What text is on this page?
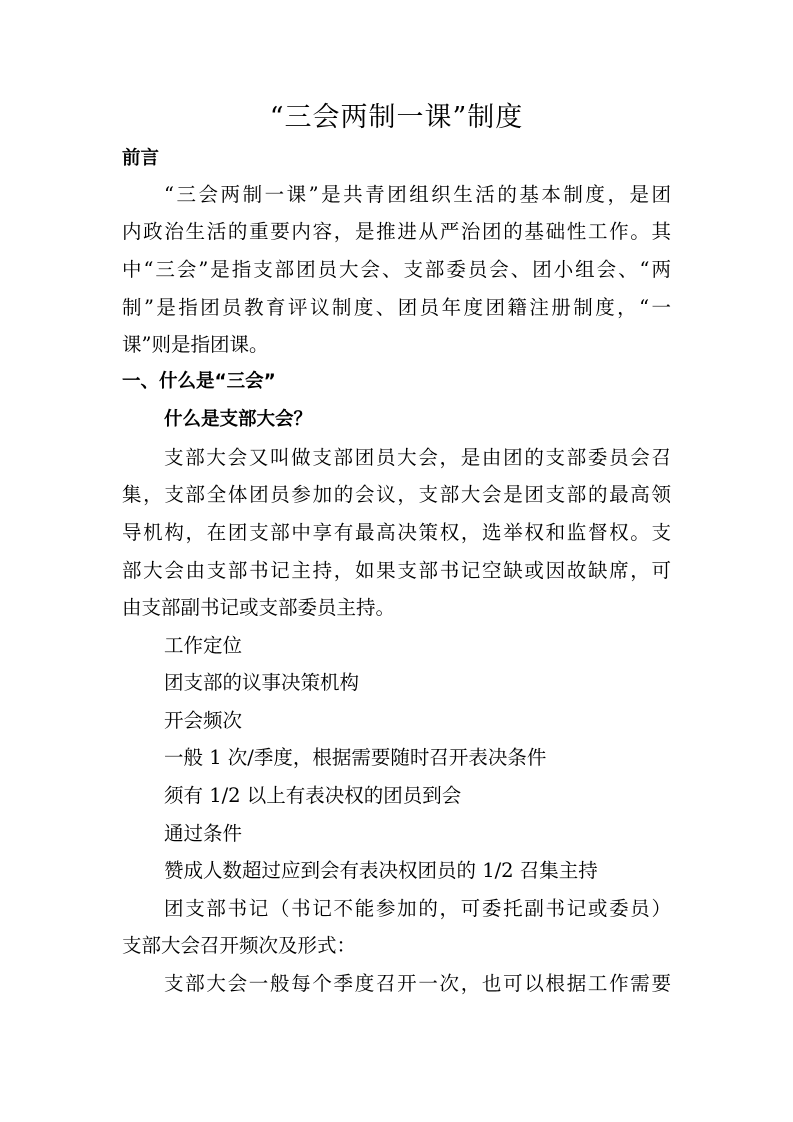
“三会两制一课”制度
前言
“三会两制一课”是共青团组织生活的基本制度，是团
内政治生活的重要内容，是推进从严治团的基础性工作。其
中“三会”是指支部团员大会、支部委员会、团小组会、“两
制”是指团员教育评议制度、团员年度团籍注册制度，“一
课”则是指团课。
一、什么是“三会”
什么是支部大会？
支部大会又叫做支部团员大会，是由团的支部委员会召
集，支部全体团员参加的会议，支部大会是团支部的最高领
导机构，在团支部中享有最高决策权，选举权和监督权。支
部大会由支部书记主持，如果支部书记空缺或因故缺席，可
由支部副书记或支部委员主持。
工作定位
团支部的议事决策机构
开会频次
一般 1 次/季度，根据需要随时召开表决条件
须有 1/2 以上有表决权的团员到会
通过条件
赞成人数超过应到会有表决权团员的 1/2 召集主持
团支部书记（书记不能参加的，可委托副书记或委员）
支部大会召开频次及形式：
支部大会一般每个季度召开一次，也可以根据工作需要
